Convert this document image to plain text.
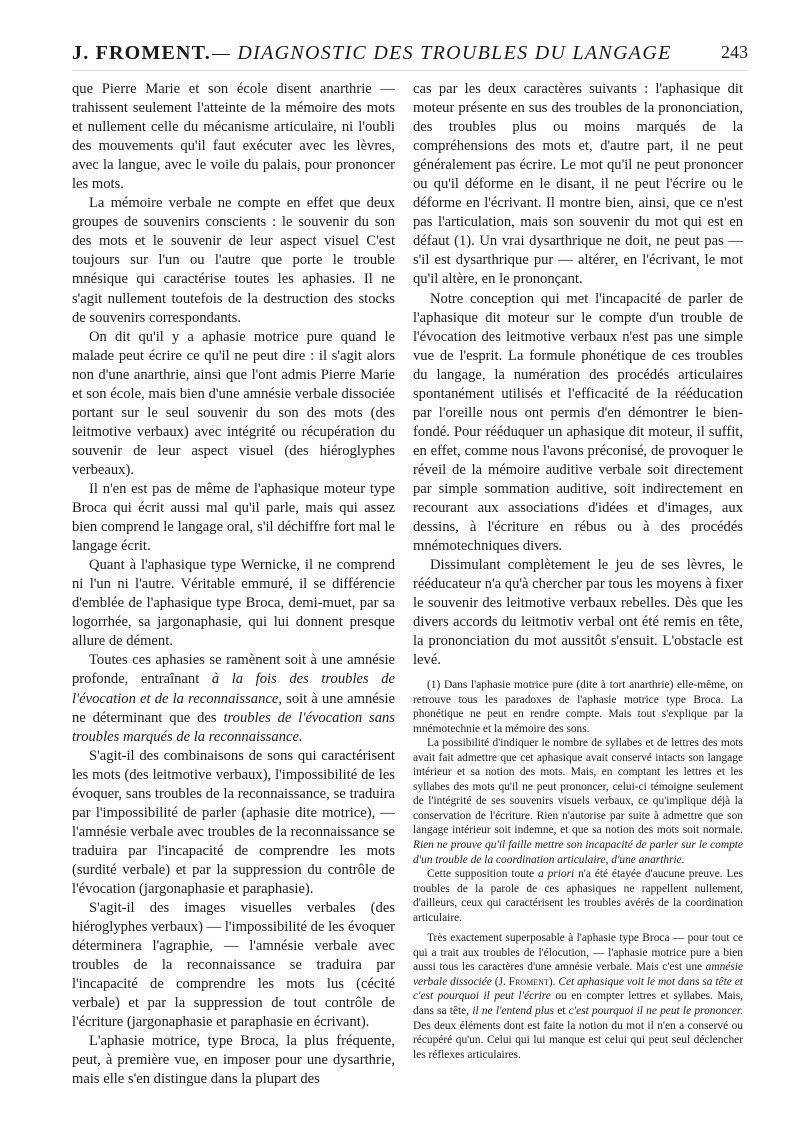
J. FROMENT. — DIAGNOSTIC DES TROUBLES DU LANGAGE	243

que Pierre Marie et son école disent anarthrie — trahissent seulement l'atteinte de la mémoire des mots et nullement celle du mécanisme articulaire, ni l'oubli des mouvements qu'il faut exécuter avec les lèvres, avec la langue, avec le voile du palais, pour prononcer les mots.

La mémoire verbale ne compte en effet que deux groupes de souvenirs conscients : le souvenir du son des mots et le souvenir de leur aspect visuel C'est toujours sur l'un ou l'autre que porte le trouble mnésique qui caractérise toutes les aphasies. Il ne s'agit nullement toutefois de la destruction des stocks de souvenirs correspondants.

On dit qu'il y a aphasie motrice pure quand le malade peut écrire ce qu'il ne peut dire : il s'agit alors non d'une anarthrie, ainsi que l'ont admis Pierre Marie et son école, mais bien d'une amnésie verbale dissociée portant sur le seul souvenir du son des mots (des leitmotive verbaux) avec intégrité ou récupération du souvenir de leur aspect visuel (des hiéroglyphes verbeaux).

Il n'en est pas de même de l'aphasique moteur type Broca qui écrit aussi mal qu'il parle, mais qui assez bien comprend le langage oral, s'il déchiffre fort mal le langage écrit.

Quant à l'aphasique type Wernicke, il ne comprend ni l'un ni l'autre. Véritable emmuré, il se différencie d'emblée de l'aphasique type Broca, demi-muet, par sa logorrhée, sa jargonaphasie, qui lui donnent presque allure de dément.

Toutes ces aphasies se ramènent soit à une amnésie profonde, entraînant à la fois des troubles de l'évocation et de la reconnaissance, soit à une amnésie ne déterminant que des troubles de l'évocation sans troubles marqués de la reconnaissance.

S'agit-il des combinaisons de sons qui caractérisent les mots (des leitmotive verbaux), l'impossibilité de les évoquer, sans troubles de la reconnaissance, se traduira par l'impossibilité de parler (aphasie dite motrice), — l'amnésie verbale avec troubles de la reconnaissance se traduira par l'incapacité de comprendre les mots (surdité verbale) et par la suppression du contrôle de l'évocation (jargonaphasie et paraphasie).

S'agit-il des images visuelles verbales (des hiéroglyphes verbaux) — l'impossibilité de les évoquer déterminera l'agraphie, — l'amnésie verbale avec troubles de la reconnaissance se traduira par l'incapacité de comprendre les mots lus (cécité verbale) et par la suppression de tout contrôle de l'écriture (jargonaphasie et paraphasie en écrivant).

L'aphasie motrice, type Broca, la plus fréquente, peut, à première vue, en imposer pour une dysarthrie, mais elle s'en distingue dans la plupart des

cas par les deux caractères suivants : l'aphasique dit moteur présente en sus des troubles de la prononciation, des troubles plus ou moins marqués de la compréhensions des mots et, d'autre part, il ne peut généralement pas écrire. Le mot qu'il ne peut prononcer ou qu'il déforme en le disant, il ne peut l'écrire ou le déforme en l'écrivant. Il montre bien, ainsi, que ce n'est pas l'articulation, mais son souvenir du mot qui est en défaut (1). Un vrai dysarthrique ne doit, ne peut pas — s'il est dysarthrique pur — altérer, en l'écrivant, le mot qu'il altère, en le prononçant.

Notre conception qui met l'incapacité de parler de l'aphasique dit moteur sur le compte d'un trouble de l'évocation des leitmotive verbaux n'est pas une simple vue de l'esprit. La formule phonétique de ces troubles du langage, la numération des procédés articulaires spontanément utilisés et l'efficacité de la rééducation par l'oreille nous ont permis d'en démontrer le bien-fondé. Pour rééduquer un aphasique dit moteur, il suffit, en effet, comme nous l'avons préconisé, de provoquer le réveil de la mémoire auditive verbale soit directement par simple sommation auditive, soit indirectement en recourant aux associations d'idées et d'images, aux dessins, à l'écriture en rébus ou à des procédés mnémotechniques divers.

Dissimulant complètement le jeu de ses lèvres, le rééducateur n'a qu'à chercher par tous les moyens à fixer le souvenir des leitmotive verbaux rebelles. Dès que les divers accords du leitmotiv verbal ont été remis en tête, la prononciation du mot aussitôt s'ensuit. L'obstacle est levé.

(1) Dans l'aphasie motrice pure (dite à tort anarthrie) elle-même, on retrouve tous les paradoxes de l'aphasie motrice type Broca. La phonétique ne peut en rendre compte. Mais tout s'explique par la mnémotechnie et la mémoire des sons.

La possibilité d'indiquer le nombre de syllabes et de lettres des mots avait fait admettre que cet aphasique avait conservé intacts son langage intérieur et sa notion des mots. Mais, en comptant les lettres et les syllabes des mots qu'il ne peut prononcer, celui-ci témoigne seulement de l'intégrité de ses souvenirs visuels verbaux, ce qu'implique déjà la conservation de l'écriture. Rien n'autorise par suite à admettre que son langage intérieur soit indemne, et que sa notion des mots soit normale. Rien ne prouve qu'il faille mettre son incapacité de parler sur le compte d'un trouble de la coordination articulaire, d'une anarthrie.

Cette supposition toute a priori n'a été étayée d'aucune preuve. Les troubles de la parole de ces aphasiques ne rappellent nullement, d'ailleurs, ceux qui caractérisent les troubles avérés de la coordination articulaire.

Très exactement superposable à l'aphasie type Broca — pour tout ce qui a trait aux troubles de l'élocution, — l'aphasie motrice pure a bien aussi tous les caractères d'une amnésie verbale. Mais c'est une amnésie verbale dissociée (J. Froment). Cet aphasique voit le mot dans sa tête et c'est pourquoi il peut l'écrire ou en compter lettres et syllabes. Mais, dans sa tête, il ne l'entend plus et c'est pourquoi il ne peut le prononcer. Des deux éléments dont est faite la notion du mot il n'en a conservé ou récupéré qu'un. Celui qui lui manque est celui qui peut seul déclencher les réflexes articulaires.
